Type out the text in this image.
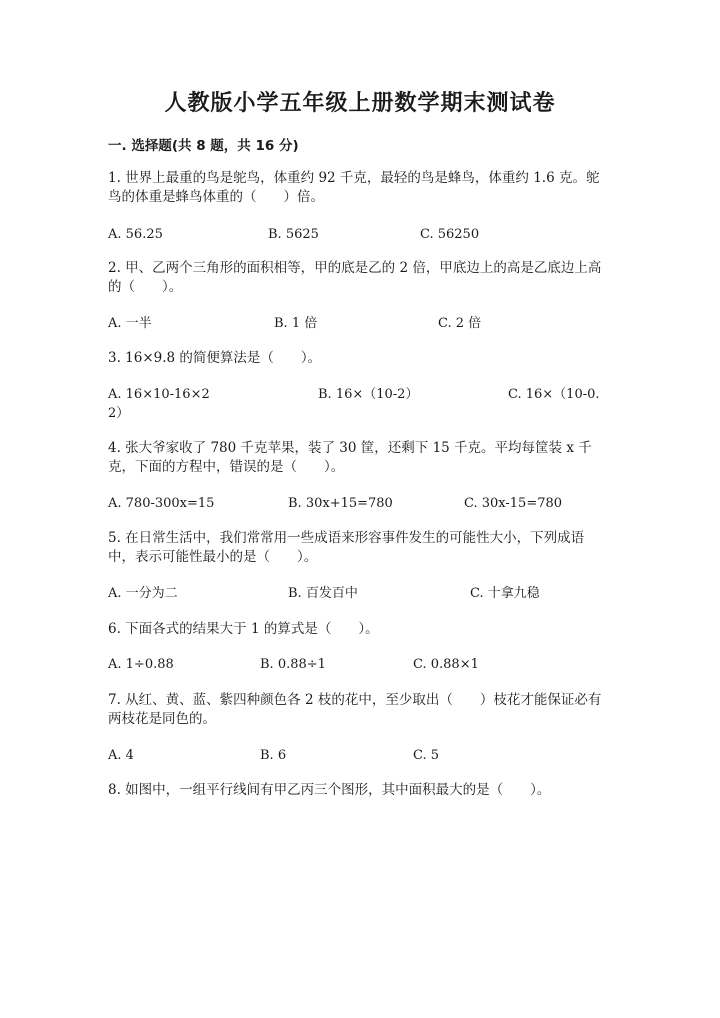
人教版小学五年级上册数学期末测试卷
一. 选择题(共 8 题，共 16 分)
1. 世界上最重的鸟是鸵鸟，体重约 92 千克，最轻的鸟是蜂鸟，体重约 1.6 克。鸵鸟的体重是蜂鸟体重的（　　）倍。
A. 56.25	B. 5625	C. 56250
2. 甲、乙两个三角形的面积相等，甲的底是乙的 2 倍，甲底边上的高是乙底边上高的（　　）。
A. 一半	B. 1 倍	C. 2 倍
3. 16×9.8 的简便算法是（　　）。
A. 16×10-16×2	B. 16×（10-2）	C. 16×（10-0.2）
4. 张大爷家收了 780 千克苹果，装了 30 筐，还剩下 15 千克。平均每筐装 x 千克，下面的方程中，错误的是（　　）。
A. 780-300x=15	B. 30x+15=780	C. 30x-15=780
5. 在日常生活中，我们常常用一些成语来形容事件发生的可能性大小，下列成语中，表示可能性最小的是（　　）。
A. 一分为二	B. 百发百中	C. 十拿九稳
6. 下面各式的结果大于 1 的算式是（　　）。
A. 1÷0.88	B. 0.88÷1	C. 0.88×1
7. 从红、黄、蓝、紫四种颜色各 2 枝的花中，至少取出（　　）枝花才能保证必有两枝花是同色的。
A. 4	B. 6	C. 5
8. 如图中，一组平行线间有甲乙丙三个图形，其中面积最大的是（　　）。
